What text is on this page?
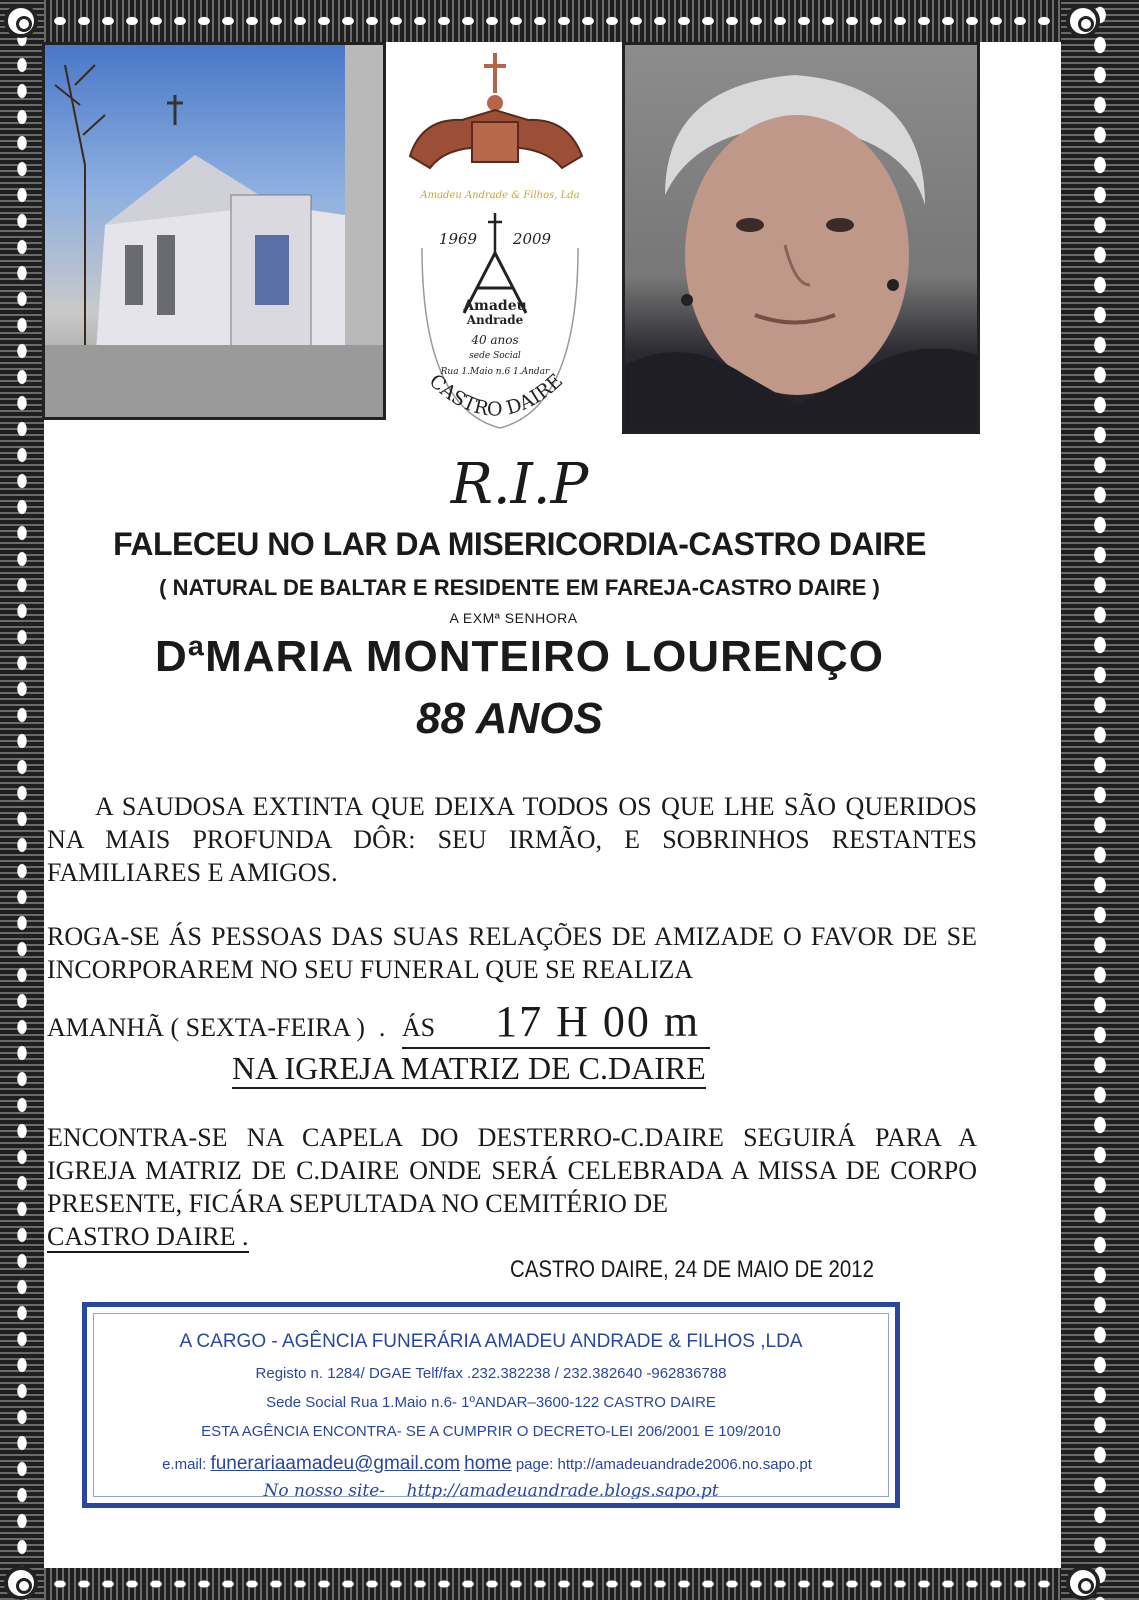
Amadeu Andrade & Filhos, Lda
1969 2009
Amadeu
Andrade
40 anos
sede Social
Rua 1.Maio n.6 1.Andar
CASTRO DAIRE

R.I.P

FALECEU NO LAR DA MISERICORDIA-CASTRO DAIRE

( NATURAL DE BALTAR E RESIDENTE EM FAREJA-CASTRO DAIRE )

A EXMª SENHORA

DªMARIA MONTEIRO LOURENÇO

88 ANOS

A SAUDOSA EXTINTA QUE DEIXA TODOS OS QUE LHE SÃO QUERIDOS NA MAIS PROFUNDA DÔR: SEU IRMÃO, E SOBRINHOS RESTANTES FAMILIARES E AMIGOS.

ROGA-SE ÁS PESSOAS DAS SUAS RELAÇÕES DE AMIZADE O FAVOR DE SE INCORPORAREM NO SEU FUNERAL QUE SE REALIZA

AMANHÃ ( SEXTA-FEIRA ) . ÁS 17 H 00 m

NA IGREJA MATRIZ DE C.DAIRE

ENCONTRA-SE NA CAPELA DO DESTERRO-C.DAIRE SEGUIRÁ PARA A IGREJA MATRIZ DE C.DAIRE ONDE SERÁ CELEBRADA A MISSA DE CORPO PRESENTE, FICÁRA SEPULTADA NO CEMITÉRIO DE
CASTRO DAIRE .

CASTRO DAIRE, 24 DE MAIO DE 2012

A CARGO - AGÊNCIA FUNERÁRIA AMADEU ANDRADE & FILHOS ,LDA

Registo n. 1284/ DGAE Telf/fax .232.382238 / 232.382640 -962836788

Sede Social Rua 1.Maio n.6- 1ºANDAR–3600-122 CASTRO DAIRE

ESTA AGÊNCIA ENCONTRA- SE A CUMPRIR O DECRETO-LEI 206/2001 E 109/2010

e.mail: funerariaamadeu@gmail.com home page: http://amadeuandrade2006.no.sapo.pt

No nosso site- http://amadeuandrade.blogs.sapo.pt
